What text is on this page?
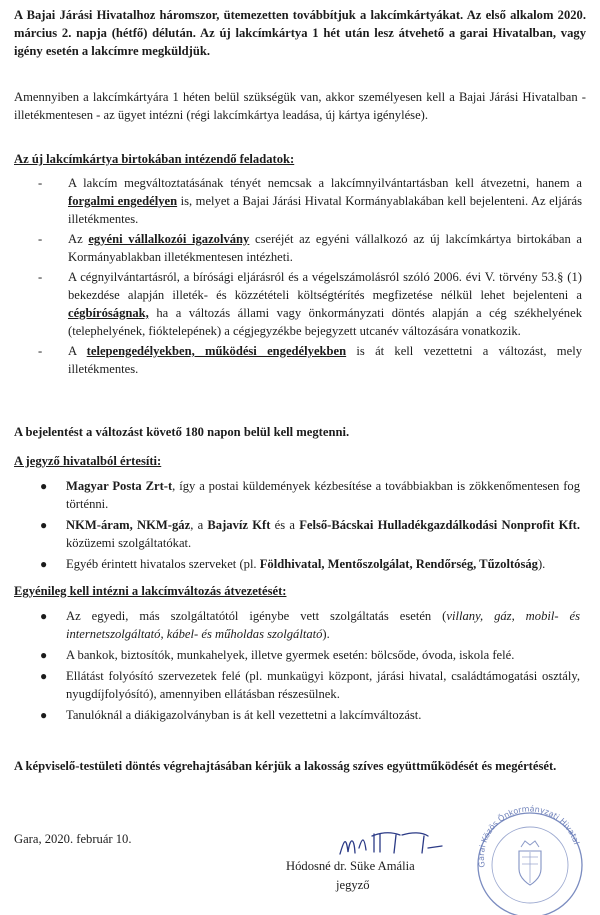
A Bajai Járási Hivatalhoz háromszor, ütemezetten továbbítjuk a lakcímkártyákat. Az első alkalom 2020. március 2. napja (hétfő) délután. Az új lakcímkártya 1 hét után lesz átvehető a garai Hivatalban, vagy igény esetén a lakcímre megküldjük.

Amennyiben a lakcímkártyára 1 héten belül szükségük van, akkor személyesen kell a Bajai Járási Hivatalban - illetékmentesen - az ügyet intézni (régi lakcímkártya leadása, új kártya igénylése).

Az új lakcímkártya birtokában intézendő feladatok:

- A lakcím megváltoztatásának tényét nemcsak a lakcímnyilvántartásban kell átvezetni, hanem a forgalmi engedélyen is, melyet a Bajai Járási Hivatal Kormányablakában kell bejelenteni. Az eljárás illetékmentes.
- Az egyéni vállalkozói igazolvány cseréjét az egyéni vállalkozó az új lakcímkártya birtokában a Kormányablakban illetékmentesen intézheti.
- A cégnyilvántartásról, a bírósági eljárásról és a végelszámolásról szóló 2006. évi V. törvény 53.§ (1) bekezdése alapján illeték- és közzétételi költségtérítés megfizetése nélkül lehet bejelenteni a cégbíróságnak, ha a változás állami vagy önkormányzati döntés alapján a cég székhelyének (telephelyének, fióktelepének) a cégjegyzékbe bejegyzett utcanév változására vonatkozik.
- A telepengedélyekben, működési engedélyekben is át kell vezettetni a változást, mely illetékmentes.

A bejelentést a változást követő 180 napon belül kell megtenni.

A jegyző hivatalból értesíti:

● Magyar Posta Zrt-t, így a postai küldemények kézbesítése a továbbiakban is zökkenőmentesen fog történni.
● NKM-áram, NKM-gáz, a Bajavíz Kft és a Felső-Bácskai Hulladékgazdálkodási Nonprofit Kft. közüzemi szolgáltatókat.
● Egyéb érintett hivatalos szerveket (pl. Földhivatal, Mentőszolgálat, Rendőrség, Tűzoltóság).

Egyénileg kell intézni a lakcímváltozás átvezetését:

● Az egyedi, más szolgáltatótól igénybe vett szolgáltatás esetén (villany, gáz, mobil- és internetszolgáltató, kábel- és műholdas szolgáltató).
● A bankok, biztosítók, munkahelyek, illetve gyermek esetén: bölcsőde, óvoda, iskola felé.
● Ellátást folyósító szervezetek felé (pl. munkaügyi központ, járási hivatal, családtámogatási osztály, nyugdíjfolyósító), amennyiben ellátásban részesülnek.
● Tanulóknál a diákigazolványban is át kell vezettetni a lakcímváltozást.

A képviselő-testületi döntés végrehajtásában kérjük a lakosság szíves együttműködését és megértését.

Gara, 2020. február 10.

Hódosné dr. Süke Amália

jegyző

Garai Közös Önkormányzati Hivatal
